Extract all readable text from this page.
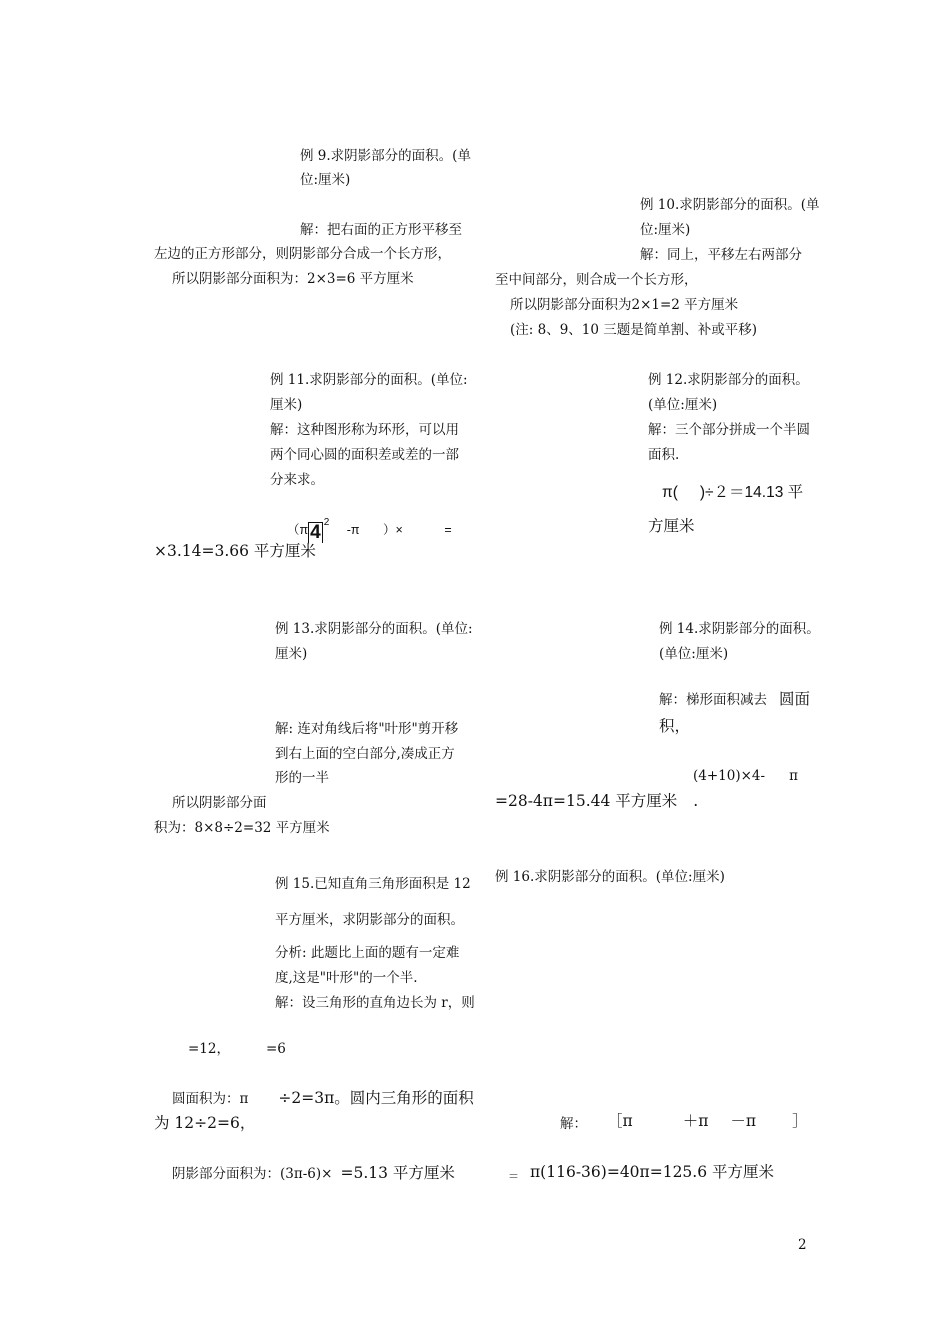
例 9.求阴影部分的面积。(单
位:厘米)
解：把右面的正方形平移至
左边的正方形部分，则阴影部分合成一个长方形，
所以阴影部分面积为：2×3=6 平方厘米
例 10.求阴影部分的面积。(单
位:厘米)
解：同上，平移左右两部分
至中间部分，则合成一个长方形，
所以阴影部分面积为2×1=2 平方厘米
(注: 8、9、10 三题是简单割、补或平移)
例 11.求阴影部分的面积。(单位:
厘米)
解：这种图形称为环形，可以用
两个同心圆的面积差或差的一部
分来求。
（π 4 $^2$ -π ）×	=
×3.14=3.66 平方厘米
例 12.求阴影部分的面积。
(单位:厘米)
解：三个部分拼成一个半圆
面积.
π( )÷２＝14.13 平
方厘米
例 13.求阴影部分的面积。(单位:
厘米)
解: 连对角线后将"叶形"剪开移
到右上面的空白部分,凑成正方
形的一半
所以阴影部分面
积为：8×8÷2=32 平方厘米
例 14.求阴影部分的面积。
(单位:厘米)
解：梯形面积减去 圆面
积，
(4+10)×4- π
=28-4π=15.44 平方厘米 .
例 15.已知直角三角形面积是 12
平方厘米，求阴影部分的面积。
分析: 此题比上面的题有一定难
度,这是"叶形"的一个半.
解：设三角形的直角边长为 r，则
=12，	=6
圆面积为：π ÷2=3π。圆内三角形的面积
为 12÷2=6，
阴影部分面积为：(3π-6)× =5.13 平方厘米
例 16.求阴影部分的面积。(单位:厘米)
解： ［π	＋π －π ］
＝ π(116-36)=40π=125.6 平方厘米
2
